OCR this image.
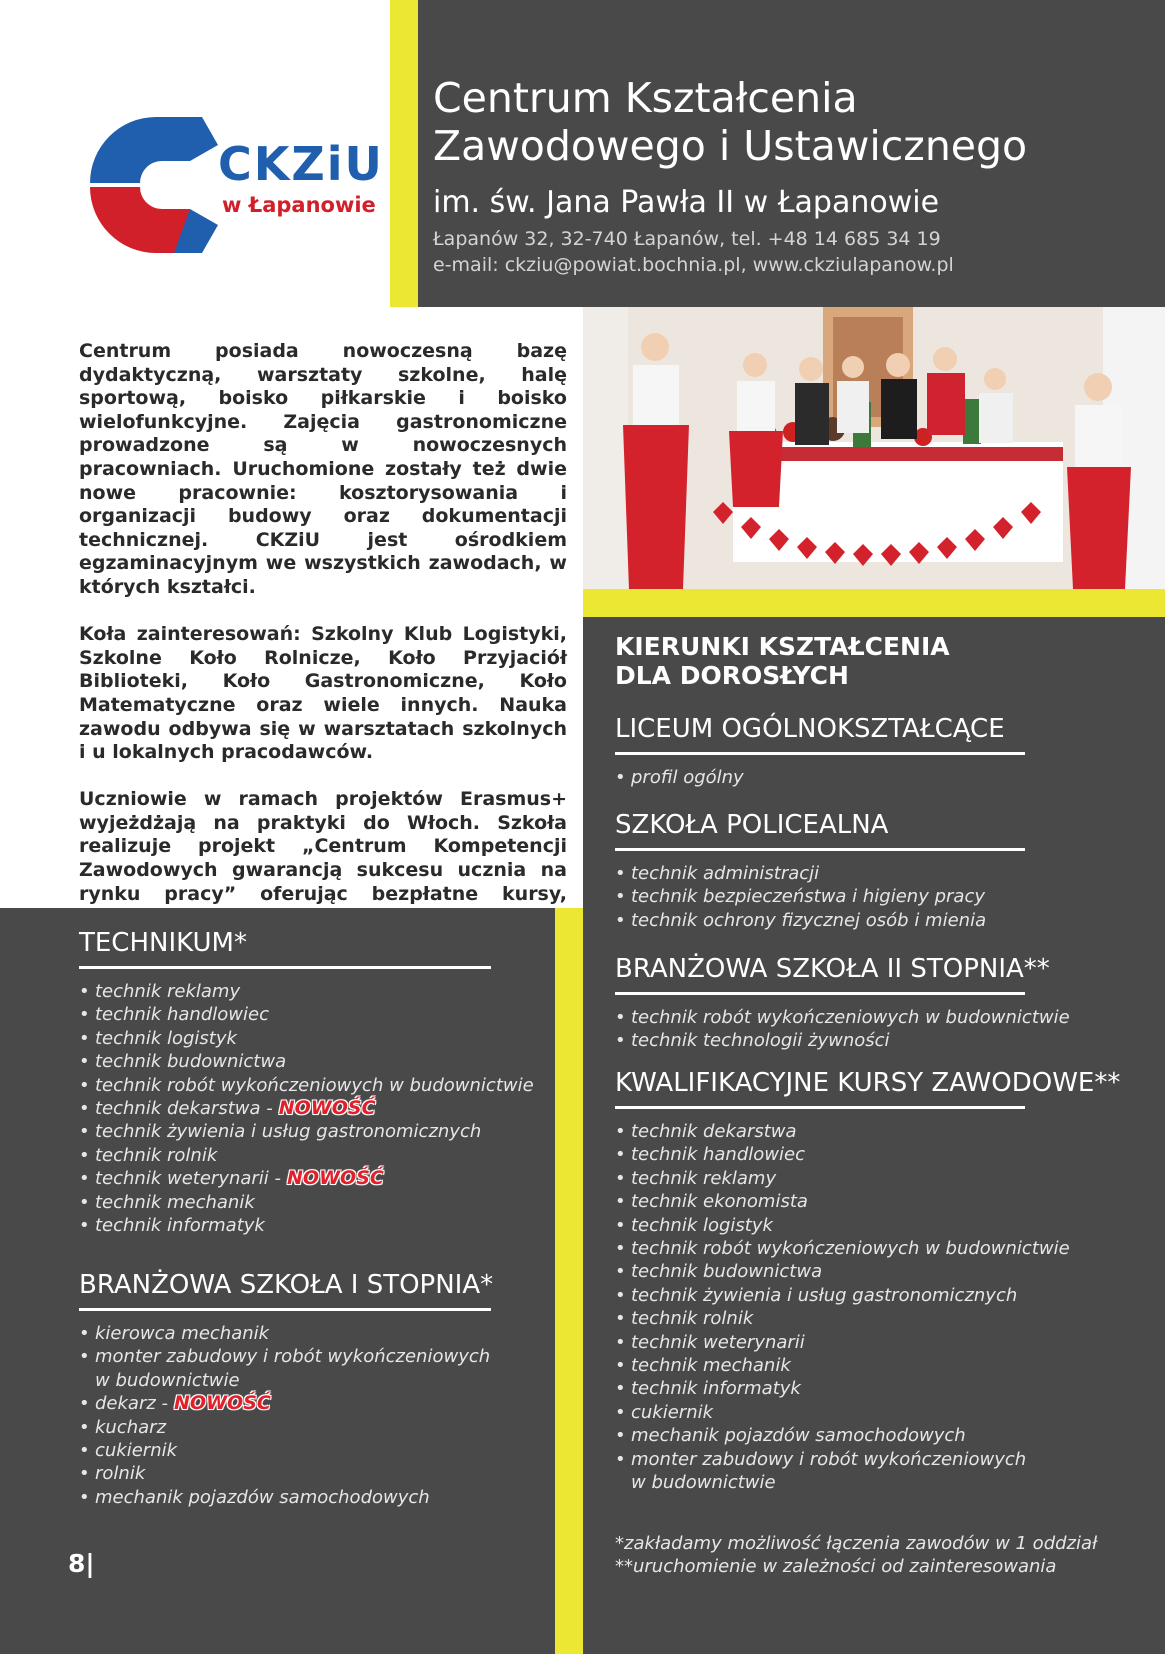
Centrum Kształcenia
Zawodowego i Ustawicznego
im. św. Jana Pawła II w Łapanowie
Łapanów 32, 32-740 Łapanów, tel. +48 14 685 34 19
e-mail: ckziu@powiat.bochnia.pl, www.ckziulapanow.pl
CKZiU
w Łapanowie

Centrum posiada nowoczesną bazę dydaktyczną, warsztaty szkolne, halę sportową, boisko piłkarskie i boisko wielofunkcyjne. Zajęcia gastronomiczne prowadzone są w nowoczesnych pracowniach. Uruchomione zostały też dwie nowe pracownie: kosztorysowania i organizacji budowy oraz dokumentacji technicznej. CKZiU jest ośrodkiem egzaminacyjnym we wszystkich zawodach, w których kształci.

Koła zainteresowań: Szkolny Klub Logistyki, Szkolne Koło Rolnicze, Koło Przyjaciół Biblioteki, Koło Gastronomiczne, Koło Matematyczne oraz wiele innych. Nauka zawodu odbywa się w warsztatach szkolnych i u lokalnych pracodawców.

Uczniowie w ramach projektów Erasmus+ wyjeżdżają na praktyki do Włoch. Szkoła realizuje projekt „Centrum Kompetencji Zawodowych gwarancją sukcesu ucznia na rynku pracy” oferując bezpłatne kursy,

CKZiU ŁAPANÓW
KIERUNKI KSZTAŁCENIA
DLA DOROSŁYCH
LICEUM OGÓLNOKSZTAŁCĄCE
• profil ogólny
SZKOŁA POLICEALNA
• technik administracji
• technik bezpieczeństwa i higieny pracy
• technik ochrony fizycznej osób i mienia
BRANŻOWA SZKOŁA II STOPNIA**
• technik robót wykończeniowych w budownictwie
• technik technologii żywności
KWALIFIKACYJNE KURSY ZAWODOWE**
• technik dekarstwa
• technik handlowiec
• technik reklamy
• technik ekonomista
• technik logistyk
• technik robót wykończeniowych w budownictwie
• technik budownictwa
• technik żywienia i usług gastronomicznych
• technik rolnik
• technik weterynarii
• technik mechanik
• technik informatyk
• cukiernik
• mechanik pojazdów samochodowych
• monter zabudowy i robót wykończeniowych
w budownictwie
TECHNIKUM*
• technik reklamy
• technik handlowiec
• technik logistyk
• technik budownictwa
• technik robót wykończeniowych w budownictwie
• technik dekarstwa - NOWOŚĆ
• technik żywienia i usług gastronomicznych
• technik rolnik
• technik weterynarii - NOWOŚĆ
• technik mechanik
• technik informatyk
BRANŻOWA SZKOŁA I STOPNIA*
• kierowca mechanik
• monter zabudowy i robót wykończeniowych
w budownictwie
• dekarz - NOWOŚĆ
• kucharz
• cukiernik
• rolnik
• mechanik pojazdów samochodowych
*zakładamy możliwość łączenia zawodów w 1 oddział
**uruchomienie w zależności od zainteresowania
8|
